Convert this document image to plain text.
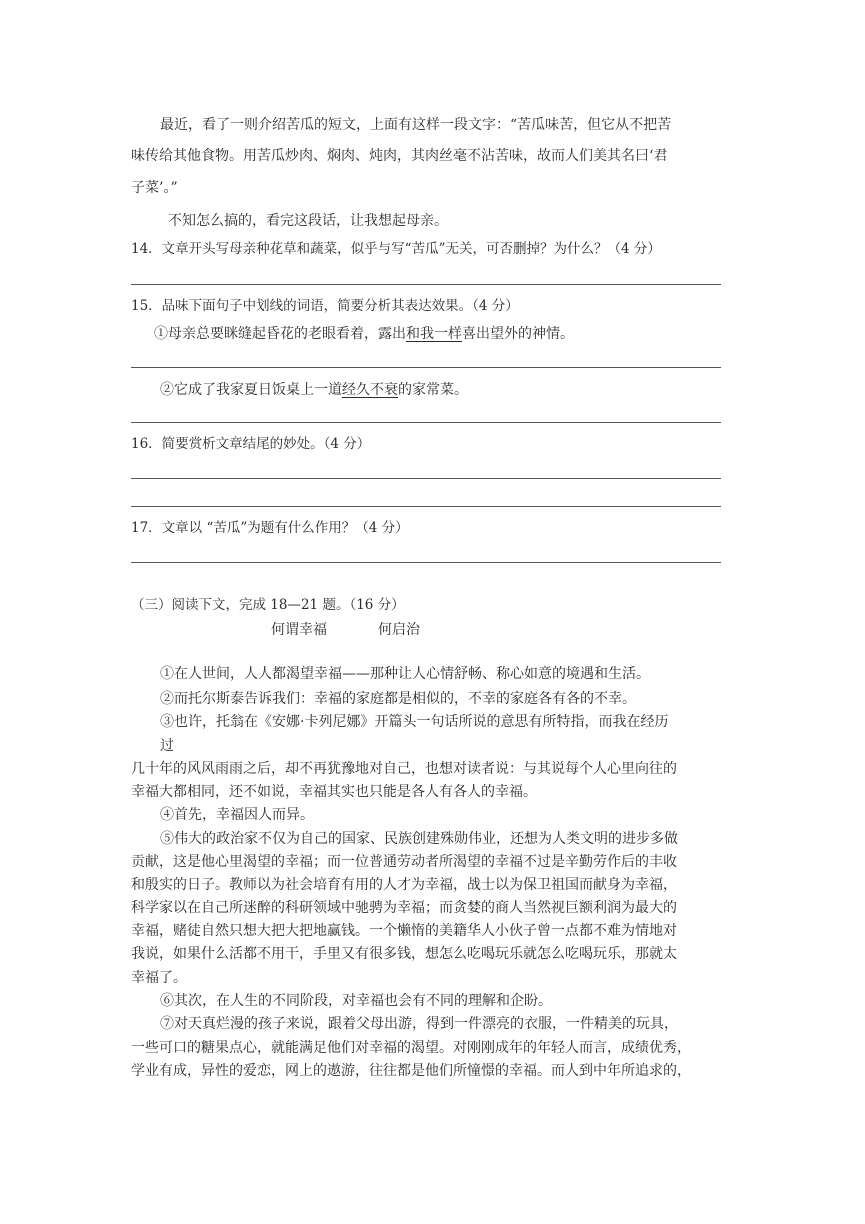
最近，看了一则介绍苦瓜的短文，上面有这样一段文字：“苦瓜味苦，但它从不把苦
味传给其他食物。用苦瓜炒肉、焖肉、炖肉，其肉丝毫不沾苦味，故而人们美其名曰‘君
子菜’。”
不知怎么搞的，看完这段话，让我想起母亲。
14．文章开头写母亲种花草和蔬菜，似乎与写“苦瓜”无关，可否删掉？为什么？（4 分）
15．品味下面句子中划线的词语，简要分析其表达效果。（4 分）
①母亲总要眯缝起昏花的老眼看着，露出和我一样喜出望外的神情。
②它成了我家夏日饭桌上一道经久不衰的家常菜。
16．简要赏析文章结尾的妙处。（4 分）
17．文章以 “苦瓜”为题有什么作用？（4 分）
（三）阅读下文，完成 18—21 题。（16 分）
何谓幸福	何启治
①在人世间，人人都渴望幸福——那种让人心情舒畅、称心如意的境遇和生活。
②而托尔斯泰告诉我们：幸福的家庭都是相似的，不幸的家庭各有各的不幸。
③也许，托翁在《安娜·卡列尼娜》开篇头一句话所说的意思有所特指，而我在经历
过
几十年的风风雨雨之后，却不再犹豫地对自己，也想对读者说：与其说每个人心里向往的
幸福大都相同，还不如说，幸福其实也只能是各人有各人的幸福。
④首先，幸福因人而异。
⑤伟大的政治家不仅为自己的国家、民族创建殊勋伟业，还想为人类文明的进步多做
贡献，这是他心里渴望的幸福；而一位普通劳动者所渴望的幸福不过是辛勤劳作后的丰收
和殷实的日子。教师以为社会培育有用的人才为幸福，战士以为保卫祖国而献身为幸福，
科学家以在自己所迷醉的科研领域中驰骋为幸福；而贪婪的商人当然视巨额利润为最大的
幸福，赌徒自然只想大把大把地赢钱。一个懒惰的美籍华人小伙子曾一点都不难为情地对
我说，如果什么活都不用干，手里又有很多钱，想怎么吃喝玩乐就怎么吃喝玩乐，那就太
幸福了。
⑥其次，在人生的不同阶段，对幸福也会有不同的理解和企盼。
⑦对天真烂漫的孩子来说，跟着父母出游，得到一件漂亮的衣服，一件精美的玩具，
一些可口的糖果点心，就能满足他们对幸福的渴望。对刚刚成年的年轻人而言，成绩优秀，
学业有成，异性的爱恋，网上的遨游，往往都是他们所憧憬的幸福。而人到中年所追求的，
